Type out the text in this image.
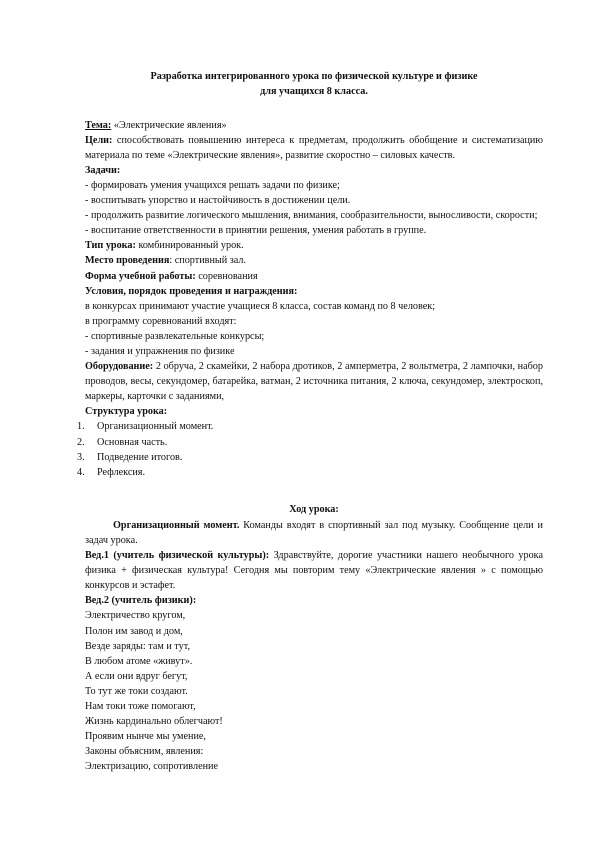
Разработка интегрированного урока по физической культуре и физике
для учащихся 8 класса.

Тема: «Электрические явления»

Цели: способствовать повышению интереса к предметам, продолжить обобщение и систематизацию материала по теме «Электрические явления», развитие скоростно – силовых качеств.

Задачи:

- формировать умения учащихся решать задачи по физике;

- воспитывать упорство и настойчивость в достижении цели.

- продолжить развитие логического мышления, внимания, сообразительности, выносливости, скорости;

- воспитание ответственности в принятии решения, умения работать в группе.

Тип урока: комбинированный урок.

Место проведения: спортивный зал.

Форма учебной работы: соревнования

Условия, порядок проведения и награждения:

в конкурсах принимают участие учащиеся 8 класса, состав команд по 8 человек;

в программу соревнований входят:

- спортивные развлекательные конкурсы;

- задания и упражнения по физике

Оборудование: 2 обруча, 2 скамейки, 2 набора дротиков, 2 амперметра, 2 вольтметра, 2 лампочки, набор проводов, весы, секундомер, батарейка, ватман, 2 источника питания, 2 ключа, секундомер, электроскоп, маркеры, карточки с заданиями,

Структура урока:

1. Организационный момент.
2. Основная часть.
3. Подведение итогов.
4. Рефлексия.

Ход урока:

Организационный момент. Команды входят в спортивный зал под музыку. Сообщение цели и задач урока.

Вед.1 (учитель физической культуры): Здравствуйте, дорогие участники нашего необычного урока физика + физическая культура! Сегодня мы повторим тему «Электрические явления » с помощью конкурсов и эстафет.

Вед.2 (учитель физики):

Электричество кругом,

Полон им завод и дом,

Везде заряды: там и тут,

В любом атоме «живут».

А если они вдруг бегут,

То тут же токи создают.

Нам токи тоже помогают,

Жизнь кардинально облегчают!

Проявим нынче мы умение,

Законы объясним, явления:

Электризацию, сопротивление
